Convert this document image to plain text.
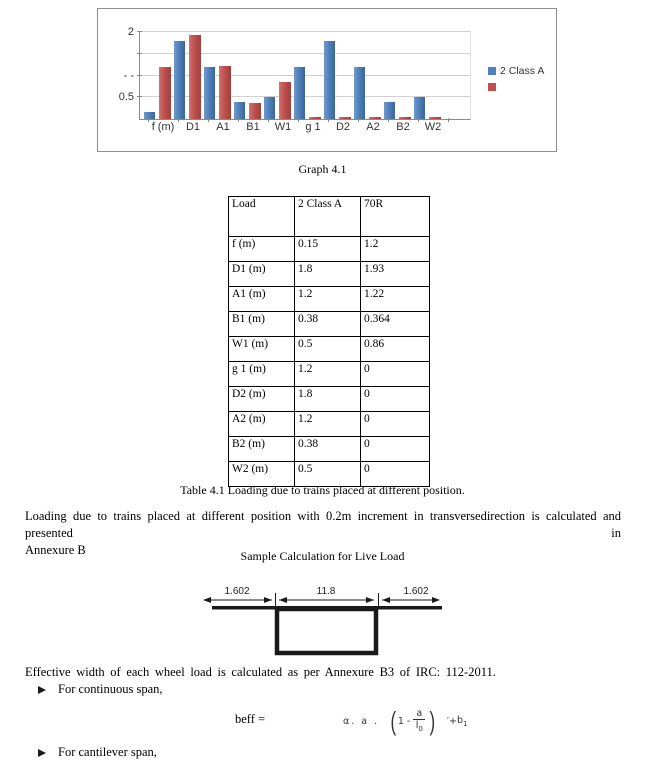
2
- -
0.5
f (m)	D1	A1	B1	W1	g 1	D2	A2	B2	W2
2 Class A
Graph 4.1
Load	2 Class A	70R
f (m)	0.15	1.2
D1 (m)	1.8	1.93
A1 (m)	1.2	1.22
B1 (m)	0.38	0.364
W1 (m)	0.5	0.86
g 1 (m)	1.2	0
D2 (m)	1.8	0
A2 (m)	1.2	0
B2 (m)	0.38	0
W2 (m)	0.5	0
Table 4.1 Loading due to trains placed at different position.
Loading due to trains placed at different position with 0.2m increment in transversedirection is calculated and presented in
Annexure B	Sample Calculation for Live Load
1.602	11.8	1.602
Effective width of each wheel load is calculated as per Annexure B3 of IRC: 112-2011.
For continuous span,
beff =	α. a . ( $1 - \frac{a}{l_0}$ ) ′+ $b_1$
For cantilever span,
